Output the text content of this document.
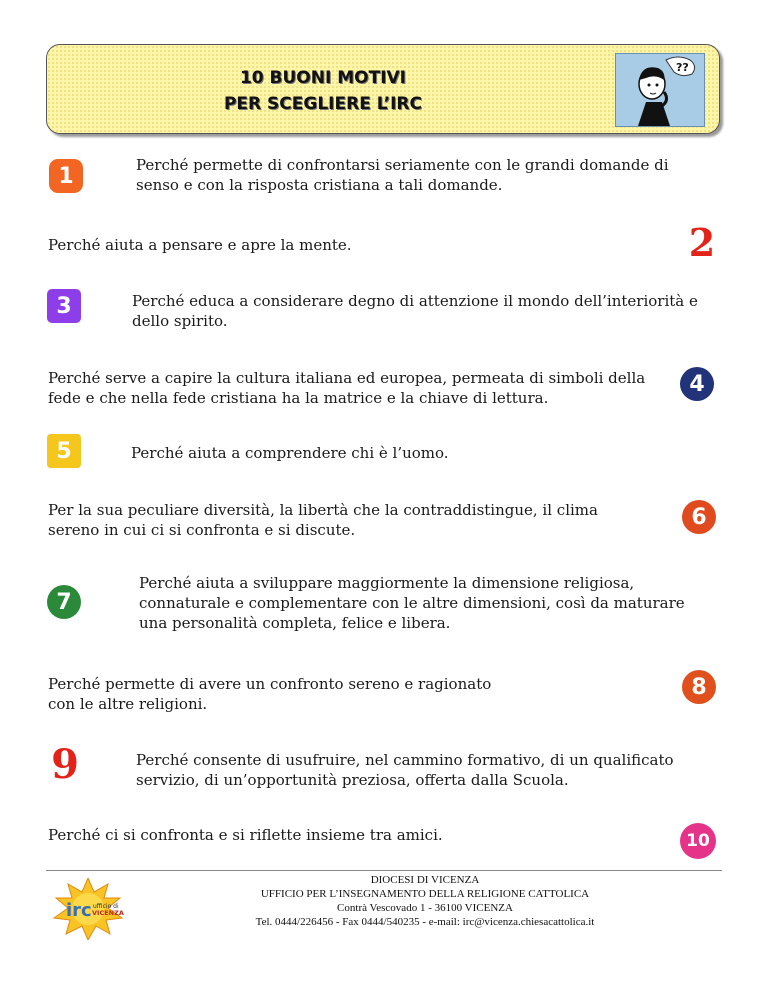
10 BUONI MOTIVI
PER SCEGLIERE L’IRC
??
1	Perché permette di confrontarsi seriamente con le grandi domande di senso e con la risposta cristiana a tali domande.
2
Perché aiuta a pensare e apre la mente.
3	Perché educa a considerare degno di attenzione il mondo dell’interiorità e dello spirito.
4
Perché serve a capire la cultura italiana ed europea, permeata di simboli della fede e che nella fede cristiana ha la matrice e la chiave di lettura.
5	Perché aiuta a comprendere chi è l’uomo.
6
Per la sua peculiare diversità, la libertà che la contraddistingue, il clima sereno in cui ci si confronta e si discute.
7
Perché aiuta a sviluppare maggiormente la dimensione religiosa, connaturale e complementare con le altre dimensioni, così da maturare una personalità completa, felice e libera.
8
Perché permette di avere un confronto sereno e ragionato con le altre religioni.
9	Perché consente di usufruire, nel cammino formativo, di un qualificato servizio, di un’opportunità preziosa, offerta dalla Scuola.
10
Perché ci si confronta e si riflette insieme tra amici.
irc ufficio di
VICENZA
DIOCESI DI VICENZA
UFFICIO PER L’INSEGNAMENTO DELLA RELIGIONE CATTOLICA
Contrà Vescovado 1 - 36100 VICENZA
Tel. 0444/226456 - Fax 0444/540235 - e-mail: irc@vicenza.chiesacattolica.it
